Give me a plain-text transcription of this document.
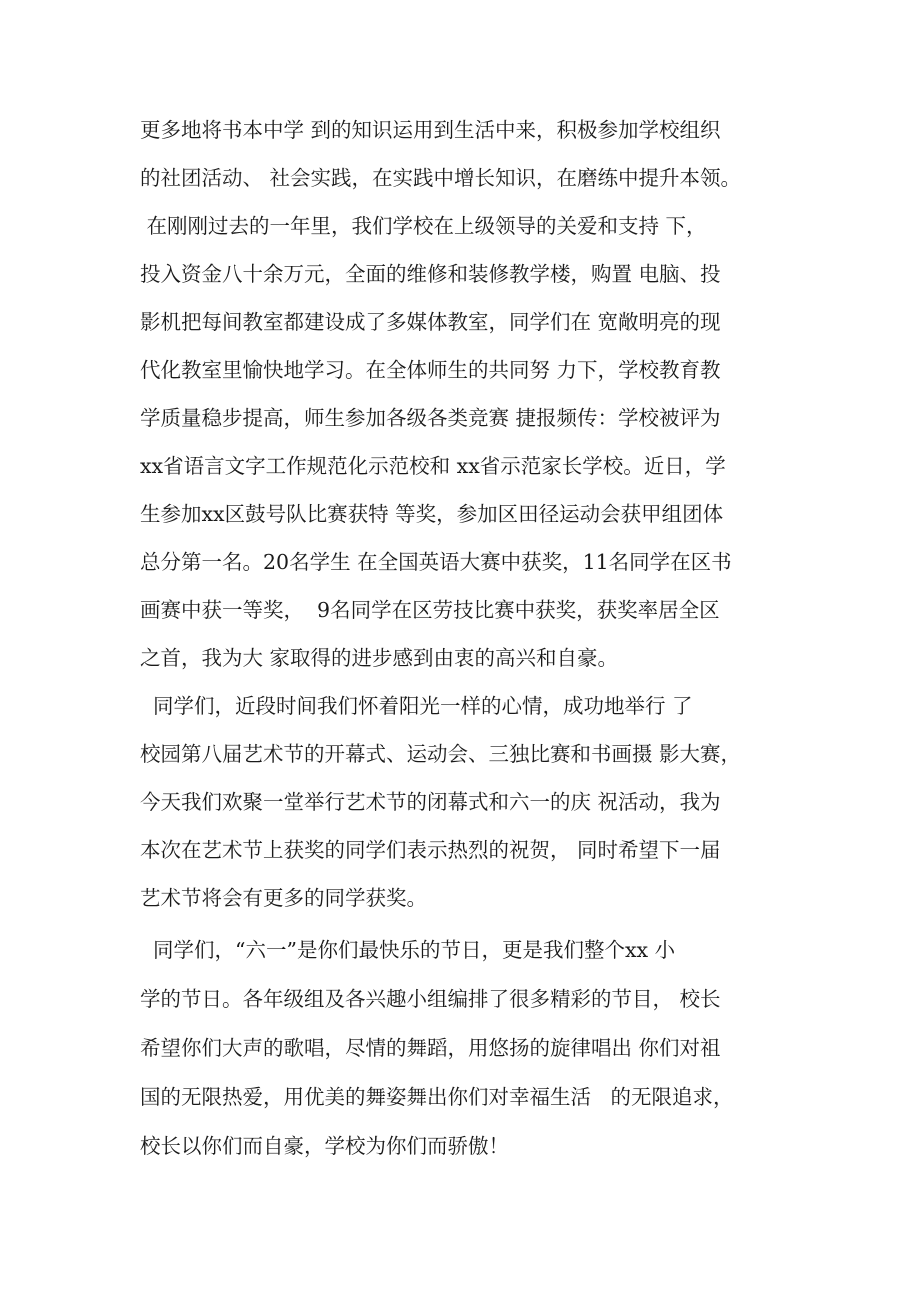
更多地将书本中学 到的知识运用到生活中来，积极参加学校组织

的社团活动、 社会实践，在实践中增长知识，在磨练中提升本领。

在刚刚过去的一年里，我们学校在上级领导的关爱和支持 下，

投入资金八十余万元，全面的维修和装修教学楼，购置 电脑、投

影机把每间教室都建设成了多媒体教室，同学们在 宽敞明亮的现

代化教室里愉快地学习。在全体师生的共同努 力下，学校教育教

学质量稳步提高，师生参加各级各类竞赛 捷报频传：学校被评为

xx省语言文字工作规范化示范校和 xx省示范家长学校。近日，学

生参加xx区鼓号队比赛获特 等奖，参加区田径运动会获甲组团体

总分第一名。20名学生 在全国英语大赛中获奖，11名同学在区书

画赛中获一等奖，  9名同学在区劳技比赛中获奖，获奖率居全区

之首，我为大 家取得的进步感到由衷的高兴和自豪。

同学们，近段时间我们怀着阳光一样的心情，成功地举行 了

校园第八届艺术节的开幕式、运动会、三独比赛和书画摄 影大赛，

今天我们欢聚一堂举行艺术节的闭幕式和六一的庆 祝活动，我为

本次在艺术节上获奖的同学们表示热烈的祝贺， 同时希望下一届

艺术节将会有更多的同学获奖。

同学们，“六一”是你们最快乐的节日，更是我们整个xx 小

学的节日。各年级组及各兴趣小组编排了很多精彩的节目， 校长

希望你们大声的歌唱，尽情的舞蹈，用悠扬的旋律唱出 你们对祖

国的无限热爱，用优美的舞姿舞出你们对幸福生活   的无限追求，

校长以你们而自豪，学校为你们而骄傲！
